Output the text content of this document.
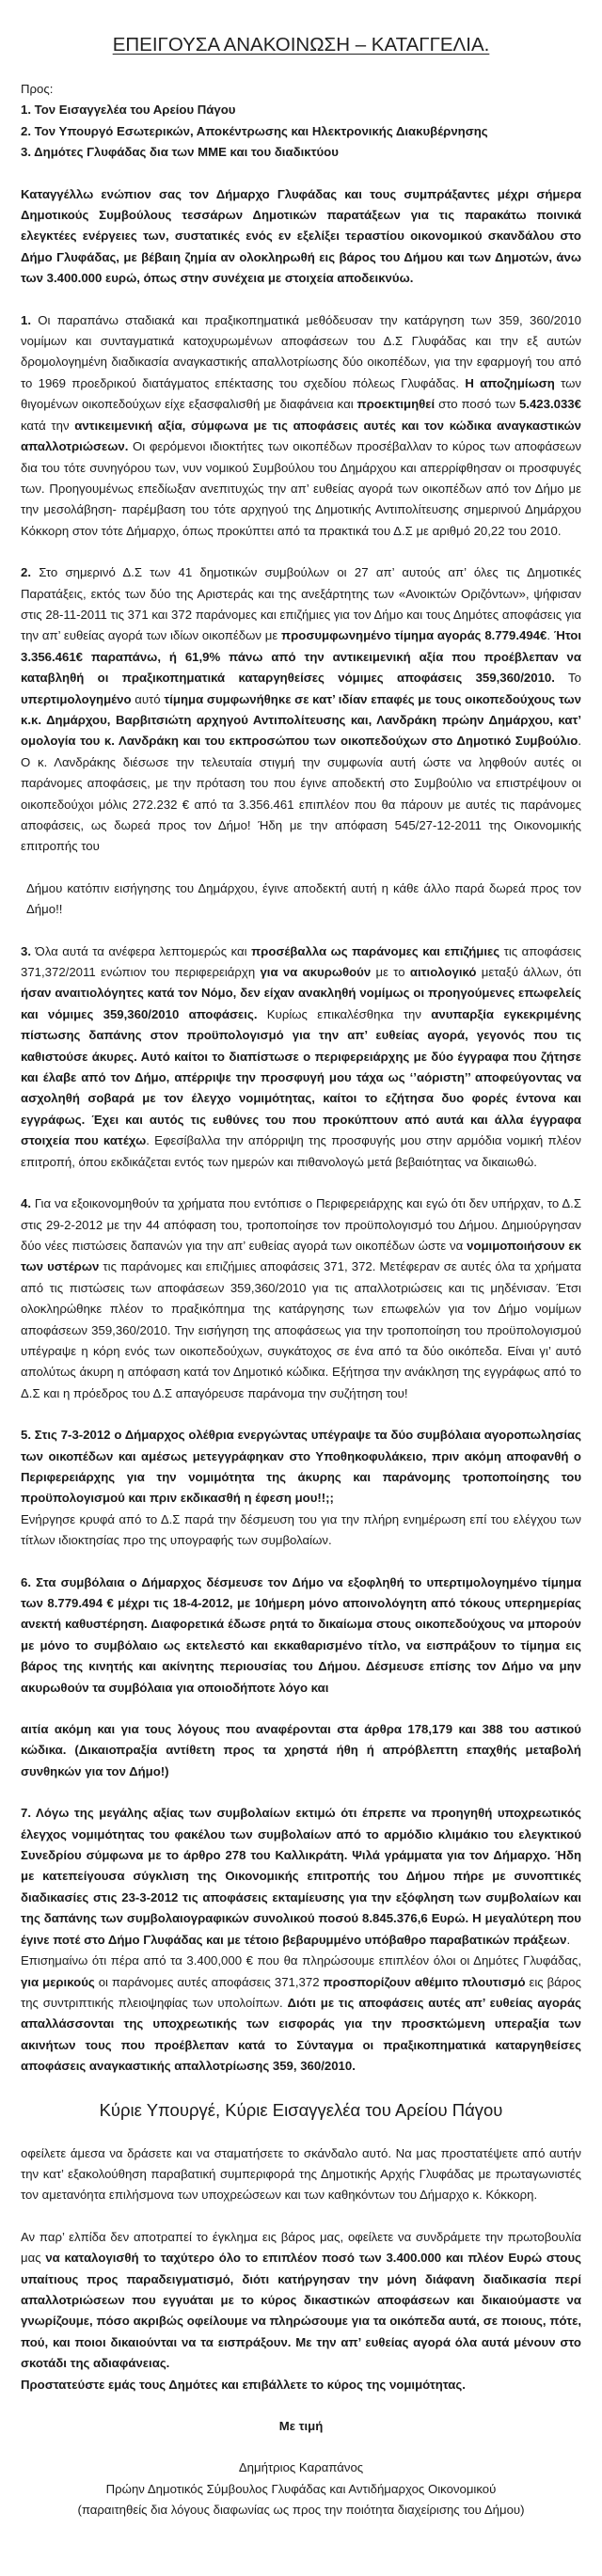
ΕΠΕΙΓΟΥΣΑ ΑΝΑΚΟΙΝΩΣΗ – ΚΑΤΑΓΓΕΛΙΑ.
Προς:
1. Τον Εισαγγελέα του Αρείου Πάγου
2. Τον Υπουργό Εσωτερικών, Αποκέντρωσης και Ηλεκτρονικής Διακυβέρνησης
3. Δημότες Γλυφάδας δια των ΜΜΕ και του διαδικτύου

Καταγγέλλω ενώπιον σας τον Δήμαρχο Γλυφάδας και τους συμπράξαντες μέχρι σήμερα Δημοτικούς Συμβούλους τεσσάρων Δημοτικών παρατάξεων για τις παρακάτω ποινικά ελεγκτέες ενέργειες των, συστατικές ενός εν εξελίξει τεραστίου οικονομικού σκανδάλου στο Δήμο Γλυφάδας, με βέβαιη ζημία αν ολοκληρωθή εις βάρος του Δήμου και των Δημοτών, άνω των 3.400.000 ευρώ, όπως στην συνέχεια με στοιχεία αποδεικνύω.

1. Οι παραπάνω σταδιακά και πραξικοπηματικά μεθόδευσαν την κατάργηση των 359, 360/2010 νομίμων και συνταγματικά κατοχυρωμένων αποφάσεων του Δ.Σ Γλυφάδας και την εξ αυτών δρομολογημένη διαδικασία αναγκαστικής απαλλοτρίωσης δύο οικοπέδων, για την εφαρμογή του από το 1969 προεδρικού διατάγματος επέκτασης του σχεδίου πόλεως Γλυφάδας. Η αποζημίωση των θιγομένων οικοπεδούχων είχε εξασφαλισθή με διαφάνεια και προεκτιμηθεί στο ποσό των 5.423.033€ κατά την αντικειμενική αξία, σύμφωνα με τις αποφάσεις αυτές και τον κώδικα αναγκαστικών απαλλοτριώσεων. Οι φερόμενοι ιδιοκτήτες των οικοπέδων προσέβαλλαν το κύρος των αποφάσεων δια του τότε συνηγόρου των, νυν νομικού Συμβούλου του Δημάρχου και απερρίφθησαν οι προσφυγές των. Προηγουμένως επεδίωξαν ανεπιτυχώς την απ’ ευθείας αγορά των οικοπέδων από τον Δήμο με την μεσολάβηση- παρέμβαση του τότε αρχηγού της Δημοτικής Αντιπολίτευσης σημερινού Δημάρχου Κόκκορη στον τότε Δήμαρχο, όπως προκύπτει από τα πρακτικά του Δ.Σ με αριθμό 20,22 του 2010.

2. Στο σημερινό Δ.Σ των 41 δημοτικών συμβούλων οι 27 απ’ αυτούς απ’ όλες τις Δημοτικές Παρατάξεις, εκτός των δύο της Αριστεράς και της ανεξάρτητης των «Ανοικτών Οριζόντων», ψήφισαν στις 28-11-2011 τις 371 και 372 παράνομες και επιζήμιες για τον Δήμο και τους Δημότες αποφάσεις για την απ’ ευθείας αγορά των ιδίων οικοπέδων με προσυμφωνημένο τίμημα αγοράς 8.779.494€. Ήτοι 3.356.461€ παραπάνω, ή 61,9% πάνω από την αντικειμενική αξία που προέβλεπαν να καταβληθή οι πραξικοπηματικά καταργηθείσες νόμιμες αποφάσεις 359,360/2010. Το υπερτιμολογημένο αυτό τίμημα συμφωνήθηκε σε κατ’ ιδίαν επαφές με τους οικοπεδούχους των κ.κ. Δημάρχου, Βαρβιτσιώτη αρχηγού Αντιπολίτευσης και, Λανδράκη πρώην Δημάρχου, κατ’ ομολογία του κ. Λανδράκη και του εκπροσώπου των οικοπεδούχων στο Δημοτικό Συμβούλιο. Ο κ. Λανδράκης διέσωσε την τελευταία στιγμή την συμφωνία αυτή ώστε να ληφθούν αυτές οι παράνομες αποφάσεις, με την πρόταση του που έγινε αποδεκτή στο Συμβούλιο να επιστρέψουν οι οικοπεδούχοι μόλις 272.232 € από τα 3.356.461 επιπλέον που θα πάρουν με αυτές τις παράνομες αποφάσεις, ως δωρεά προς τον Δήμο! Ήδη με την απόφαση 545/27-12-2011 της Οικονομικής επιτροπής του

Δήμου κατόπιν εισήγησης του Δημάρχου, έγινε αποδεκτή αυτή η κάθε άλλο παρά δωρεά προς τον Δήμο!!

3. Όλα αυτά τα ανέφερα λεπτομερώς και προσέβαλλα ως παράνομες και επιζήμιες τις αποφάσεις 371,372/2011 ενώπιον του περιφερειάρχη για να ακυρωθούν με το αιτιολογικό μεταξύ άλλων, ότι ήσαν αναιτιολόγητες κατά τον Νόμο, δεν είχαν ανακληθή νομίμως οι προηγούμενες επωφελείς και νόμιμες 359,360/2010 αποφάσεις. Κυρίως επικαλέσθηκα την ανυπαρξία εγκεκριμένης πίστωσης δαπάνης στον προϋπολογισμό για την απ’ ευθείας αγορά, γεγονός που τις καθιστούσε άκυρες. Αυτό καίτοι το διαπίστωσε ο περιφερειάρχης με δύο έγγραφα που ζήτησε και έλαβε από τον Δήμο, απέρριψε την προσφυγή μου τάχα ως ‘’αόριστη’’ αποφεύγοντας να ασχοληθή σοβαρά με τον έλεγχο νομιμότητας, καίτοι το εζήτησα δυο φορές έντονα και εγγράφως. Έχει και αυτός τις ευθύνες του που προκύπτουν από αυτά και άλλα έγγραφα στοιχεία που κατέχω. Εφεσίβαλλα την απόρριψη της προσφυγής μου στην αρμόδια νομική πλέον επιτροπή, όπου εκδικάζεται εντός των ημερών και πιθανολογώ μετά βεβαιότητας να δικαιωθώ.

4. Για να εξοικονομηθούν τα χρήματα που εντόπισε ο Περιφερειάρχης και εγώ ότι δεν υπήρχαν, το Δ.Σ στις 29-2-2012 με την 44 απόφαση του, τροποποίησε τον προϋπολογισμό του Δήμου. Δημιούργησαν δύο νέες πιστώσεις δαπανών για την απ’ ευθείας αγορά των οικοπέδων ώστε να νομιμοποιήσουν εκ των υστέρων τις παράνομες και επιζήμιες αποφάσεις 371, 372. Μετέφεραν σε αυτές όλα τα χρήματα από τις πιστώσεις των αποφάσεων 359,360/2010 για τις απαλλοτριώσεις και τις μηδένισαν. Έτσι ολοκληρώθηκε πλέον το πραξικόπημα της κατάργησης των επωφελών για τον Δήμο νομίμων αποφάσεων 359,360/2010. Την εισήγηση της αποφάσεως για την τροποποίηση του προϋπολογισμού υπέγραψε η κόρη ενός των οικοπεδούχων, συγκάτοχος σε ένα από τα δύο οικόπεδα. Είναι γι’ αυτό απολύτως άκυρη η απόφαση κατά τον Δημοτικό κώδικα. Εξήτησα την ανάκληση της εγγράφως από το Δ.Σ και η πρόεδρος του Δ.Σ απαγόρευσε παράνομα την συζήτηση του!

5. Στις 7-3-2012 ο Δήμαρχος ολέθρια ενεργώντας υπέγραψε τα δύο συμβόλαια αγοροπωλησίας των οικοπέδων και αμέσως μετεγγράφηκαν στο Υποθηκοφυλάκειο, πριν ακόμη αποφανθή ο Περιφερειάρχης για την νομιμότητα της άκυρης και παράνομης τροποποίησης του προϋπολογισμού και πριν εκδικασθή η έφεση μου!!;;

Ενήργησε κρυφά από το Δ.Σ παρά την δέσμευση του για την πλήρη ενημέρωση επί του ελέγχου των τίτλων ιδιοκτησίας προ της υπογραφής των συμβολαίων.

6. Στα συμβόλαια ο Δήμαρχος δέσμευσε τον Δήμο να εξοφληθή το υπερτιμολογημένο τίμημα των 8.779.494 € μέχρι τις 18-4-2012, με 10ήμερη μόνο αποινολόγητη από τόκους υπερημερίας ανεκτή καθυστέρηση. Διαφορετικά έδωσε ρητά το δικαίωμα στους οικοπεδούχους να μπορούν με μόνο το συμβόλαιο ως εκτελεστό και εκκαθαρισμένο τίτλο, να εισπράξουν το τίμημα εις βάρος της κινητής και ακίνητης περιουσίας του Δήμου. Δέσμευσε επίσης τον Δήμο να μην ακυρωθούν τα συμβόλαια για οποιοδήποτε λόγο και

αιτία ακόμη και για τους λόγους που αναφέρονται στα άρθρα 178,179 και 388 του αστικού κώδικα. (Δικαιοπραξία αντίθετη προς τα χρηστά ήθη ή απρόβλεπτη επαχθής μεταβολή συνθηκών για τον Δήμο!)

7. Λόγω της μεγάλης αξίας των συμβολαίων εκτιμώ ότι έπρεπε να προηγηθή υποχρεωτικός έλεγχος νομιμότητας του φακέλου των συμβολαίων από το αρμόδιο κλιμάκιο του ελεγκτικού Συνεδρίου σύμφωνα με το άρθρο 278 του Καλλικράτη. Ψιλά γράμματα για τον Δήμαρχο. Ήδη με κατεπείγουσα σύγκλιση της Οικονομικής επιτροπής του Δήμου πήρε με συνοπτικές διαδικασίες στις 23-3-2012 τις αποφάσεις εκταμίευσης για την εξόφληση των συμβολαίων και της δαπάνης των συμβολαιογραφικών συνολικού ποσού 8.845.376,6 Ευρώ. Η μεγαλύτερη που έγινε ποτέ στο Δήμο Γλυφάδας και με τέτοιο βεβαρυμμένο υπόβαθρο παραβατικών πράξεων.

Επισημαίνω ότι πέρα από τα 3.400,000 € που θα πληρώσουμε επιπλέον όλοι οι Δημότες Γλυφάδας, για μερικούς οι παράνομες αυτές αποφάσεις 371,372 προσπορίζουν αθέμιτο πλουτισμό εις βάρος της συντριπτικής πλειοψηφίας των υπολοίπων. Διότι με τις αποφάσεις αυτές απ’ ευθείας αγοράς απαλλάσσονται της υποχρεωτικής των εισφοράς για την προσκτώμενη υπεραξία των ακινήτων τους που προέβλεπαν κατά το Σύνταγμα οι πραξικοπηματικά καταργηθείσες αποφάσεις αναγκαστικής απαλλοτρίωσης 359, 360/2010.

Κύριε Υπουργέ, Κύριε Εισαγγελέα του Αρείου Πάγου

οφείλετε άμεσα να δράσετε και να σταματήσετε το σκάνδαλο αυτό. Να μας προστατέψετε από αυτήν την κατ’ εξακολούθηση παραβατική συμπεριφορά της Δημοτικής Αρχής Γλυφάδας με πρωταγωνιστές τον αμετανόητα επιλήσμονα των υποχρεώσεων και των καθηκόντων του Δήμαρχο κ. Κόκκορη.

Αν παρ’ ελπίδα δεν αποτραπεί το έγκλημα εις βάρος μας, οφείλετε να συνδράμετε την πρωτοβουλία μας να καταλογισθή το ταχύτερο όλο το επιπλέον ποσό των 3.400.000 και πλέον Ευρώ στους υπαίτιους προς παραδειγματισμό, διότι κατήργησαν την μόνη διάφανη διαδικασία περί απαλλοτριώσεων που εγγυάται με το κύρος δικαστικών αποφάσεων και δικαιούμαστε να γνωρίζουμε, πόσο ακριβώς οφείλουμε να πληρώσουμε για τα οικόπεδα αυτά, σε ποιους, πότε, πού, και ποιοι δικαιούνται να τα εισπράξουν. Με την απ’ ευθείας αγορά όλα αυτά μένουν στο σκοτάδι της αδιαφάνειας.

Προστατεύστε εμάς τους Δημότες και επιβάλλετε το κύρος της νομιμότητας.

Με τιμή
Δημήτριος Καραπάνος
Πρώην Δημοτικός Σύμβουλος Γλυφάδας και Αντιδήμαρχος Οικονομικού
(παραιτηθείς δια λόγους διαφωνίας ως προς την ποιότητα διαχείρισης του Δήμου)
